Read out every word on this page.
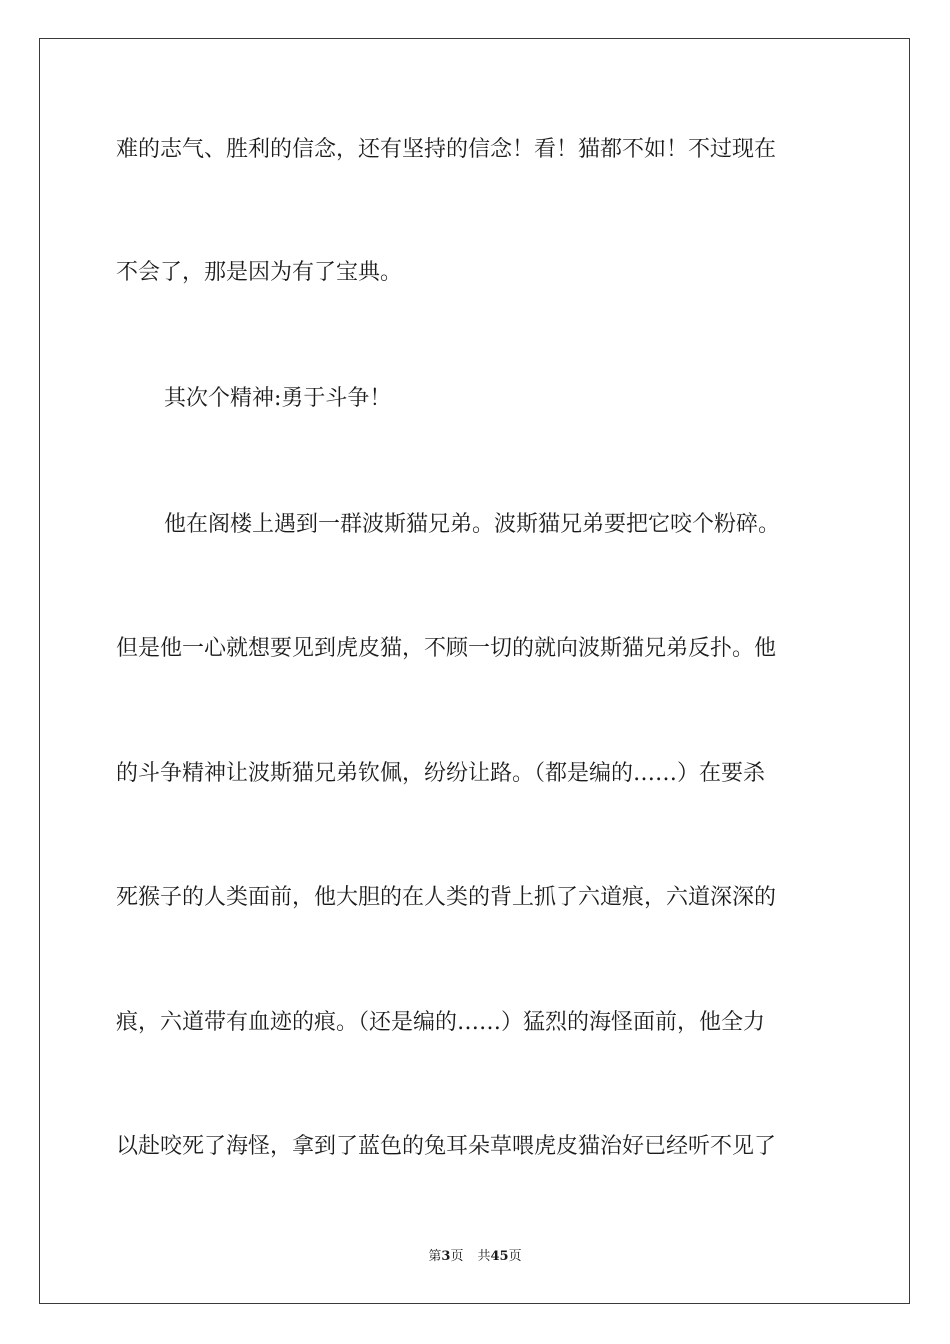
难的志气、胜利的信念，还有坚持的信念！看！猫都不如！不过现在
不会了，那是因为有了宝典。
其次个精神:勇于斗争！
他在阁楼上遇到一群波斯猫兄弟。波斯猫兄弟要把它咬个粉碎。
但是他一心就想要见到虎皮猫，不顾一切的就向波斯猫兄弟反扑。他
的斗争精神让波斯猫兄弟钦佩，纷纷让路。（都是编的……）在要杀
死猴子的人类面前，他大胆的在人类的背上抓了六道痕，六道深深的
痕，六道带有血迹的痕。（还是编的……）猛烈的海怪面前，他全力
以赴咬死了海怪，拿到了蓝色的兔耳朵草喂虎皮猫治好已经听不见了
第3页 共45页
